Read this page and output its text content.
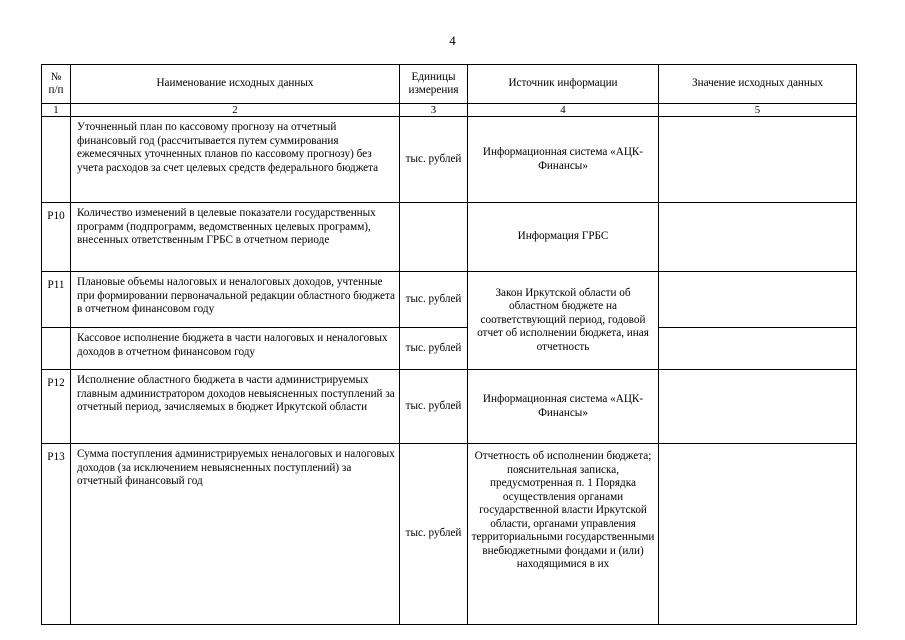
4
№ п/п	Наименование исходных данных	Единицы измерения	Источник информации	Значение исходных данных
1	2	3	4	5
	Уточненный план по кассовому прогнозу на отчетный финансовый год (рассчитывается путем суммирования ежемесячных уточненных планов по кассовому прогнозу) без учета расходов за счет целевых средств федерального бюджета	тыс. рублей	Информационная система «АЦК-Финансы»	
Р10	Количество изменений в целевые показатели государственных программ (подпрограмм, ведомственных целевых программ), внесенных ответственным ГРБС в отчетном периоде		Информация ГРБС	
Р11	Плановые объемы налоговых и неналоговых доходов, учтенные при формировании первоначальной редакции областного бюджета в отчетном финансовом году	тыс. рублей	Закон Иркутской области об областном бюджете на соответствующий период, годовой отчет об исполнении бюджета, иная отчетность	
	Кассовое исполнение бюджета в части налоговых и неналоговых доходов в отчетном финансовом году	тыс. рублей		
Р12	Исполнение областного бюджета в части администрируемых главным администратором доходов невыясненных поступлений за отчетный период, зачисляемых в бюджет Иркутской области	тыс. рублей	Информационная система «АЦК-Финансы»	
Р13	Сумма поступления администрируемых неналоговых и налоговых доходов (за исключением невыясненных поступлений) за отчетный финансовый год	тыс. рублей	Отчетность об исполнении бюджета; пояснительная записка, предусмотренная п. 1 Порядка осуществления органами государственной власти Иркутской области, органами управления территориальными государственными внебюджетными фондами и (или) находящимися в их	
